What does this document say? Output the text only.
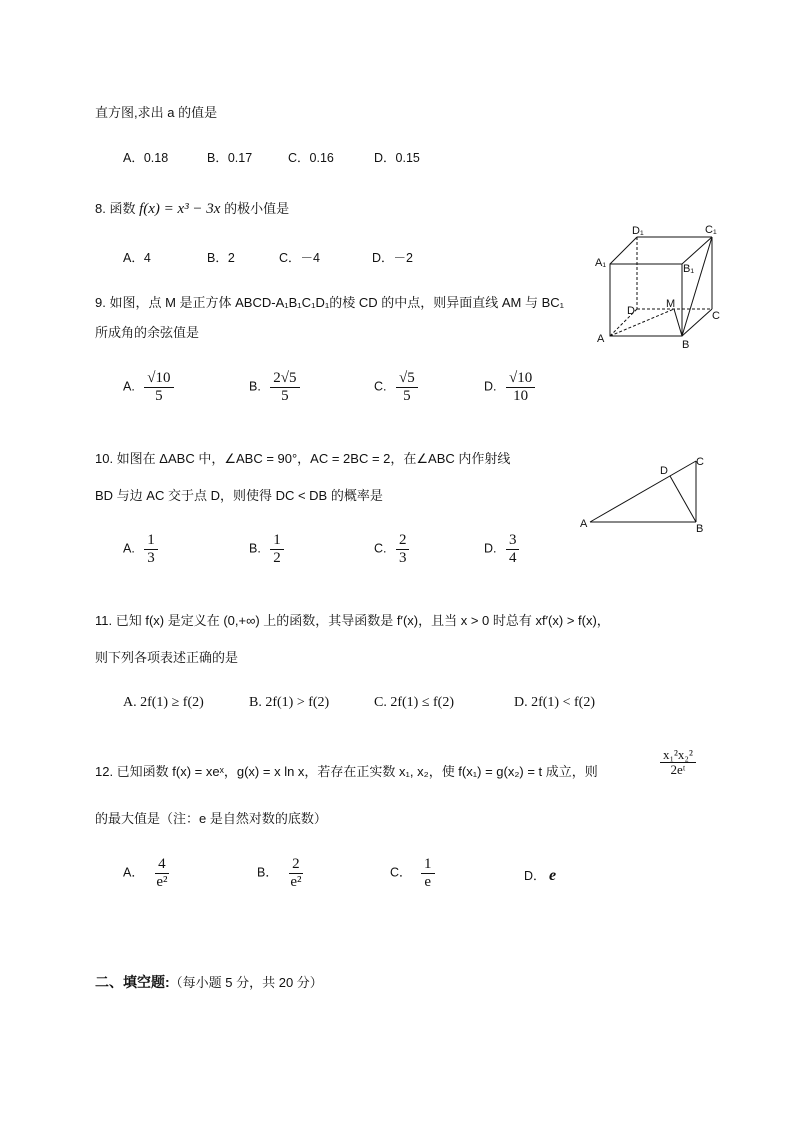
直方图,求出 a 的值是
A．0.18	B．0.17	C．0.16	D．0.15
8. 函数 f(x) = x³ − 3x 的极小值是
A．4	B．2	C．－4	D．－2
D₁	C₁
A₁	B₁
D
M
C
A	B
9. 如图，点 M 是正方体 ABCD-A₁B₁C₁D₁的棱 CD 的中点，则异面直线 AM 与 BC₁
所成角的余弦值是
A. $\frac{√10}{5}$	B. $\frac{2√5}{5}$	C. $\frac{√5}{5}$	D. $\frac{√10}{10}$
10. 如图在 ΔABC 中，∠ABC = 90°，AC = 2BC = 2，在∠ABC 内作射线
BD 与边 AC 交于点 D，则使得 DC < DB 的概率是
D
C
A	B
A. $\frac{1}{3}$	B. $\frac{1}{2}$	C. $\frac{2}{3}$	D. $\frac{3}{4}$
11. 已知 f(x) 是定义在 (0,+∞) 上的函数，其导函数是 f′(x)，且当 x > 0 时总有 xf′(x) > f(x)，
则下列各项表述正确的是
A. 2f(1) ≥ f(2)	B. 2f(1) > f(2)	C. 2f(1) ≤ f(2)	D. 2f(1) < f(2)
12. 已知函数 f(x) = xeˣ，g(x) = x ln x，若存在正实数 x₁, x₂，使 f(x₁) = g(x₂) = t 成立，则	$\frac{\text{x₁²x₂²}}{\text{2eᵗ}}$
的最大值是（注：e 是自然对数的底数）
A． $\frac{4}{\text{e²}}$	B． $\frac{2}{\text{e²}}$	C． $\frac{1}{e}$	D． e
二、填空题:（每小题 5 分，共 20 分）
